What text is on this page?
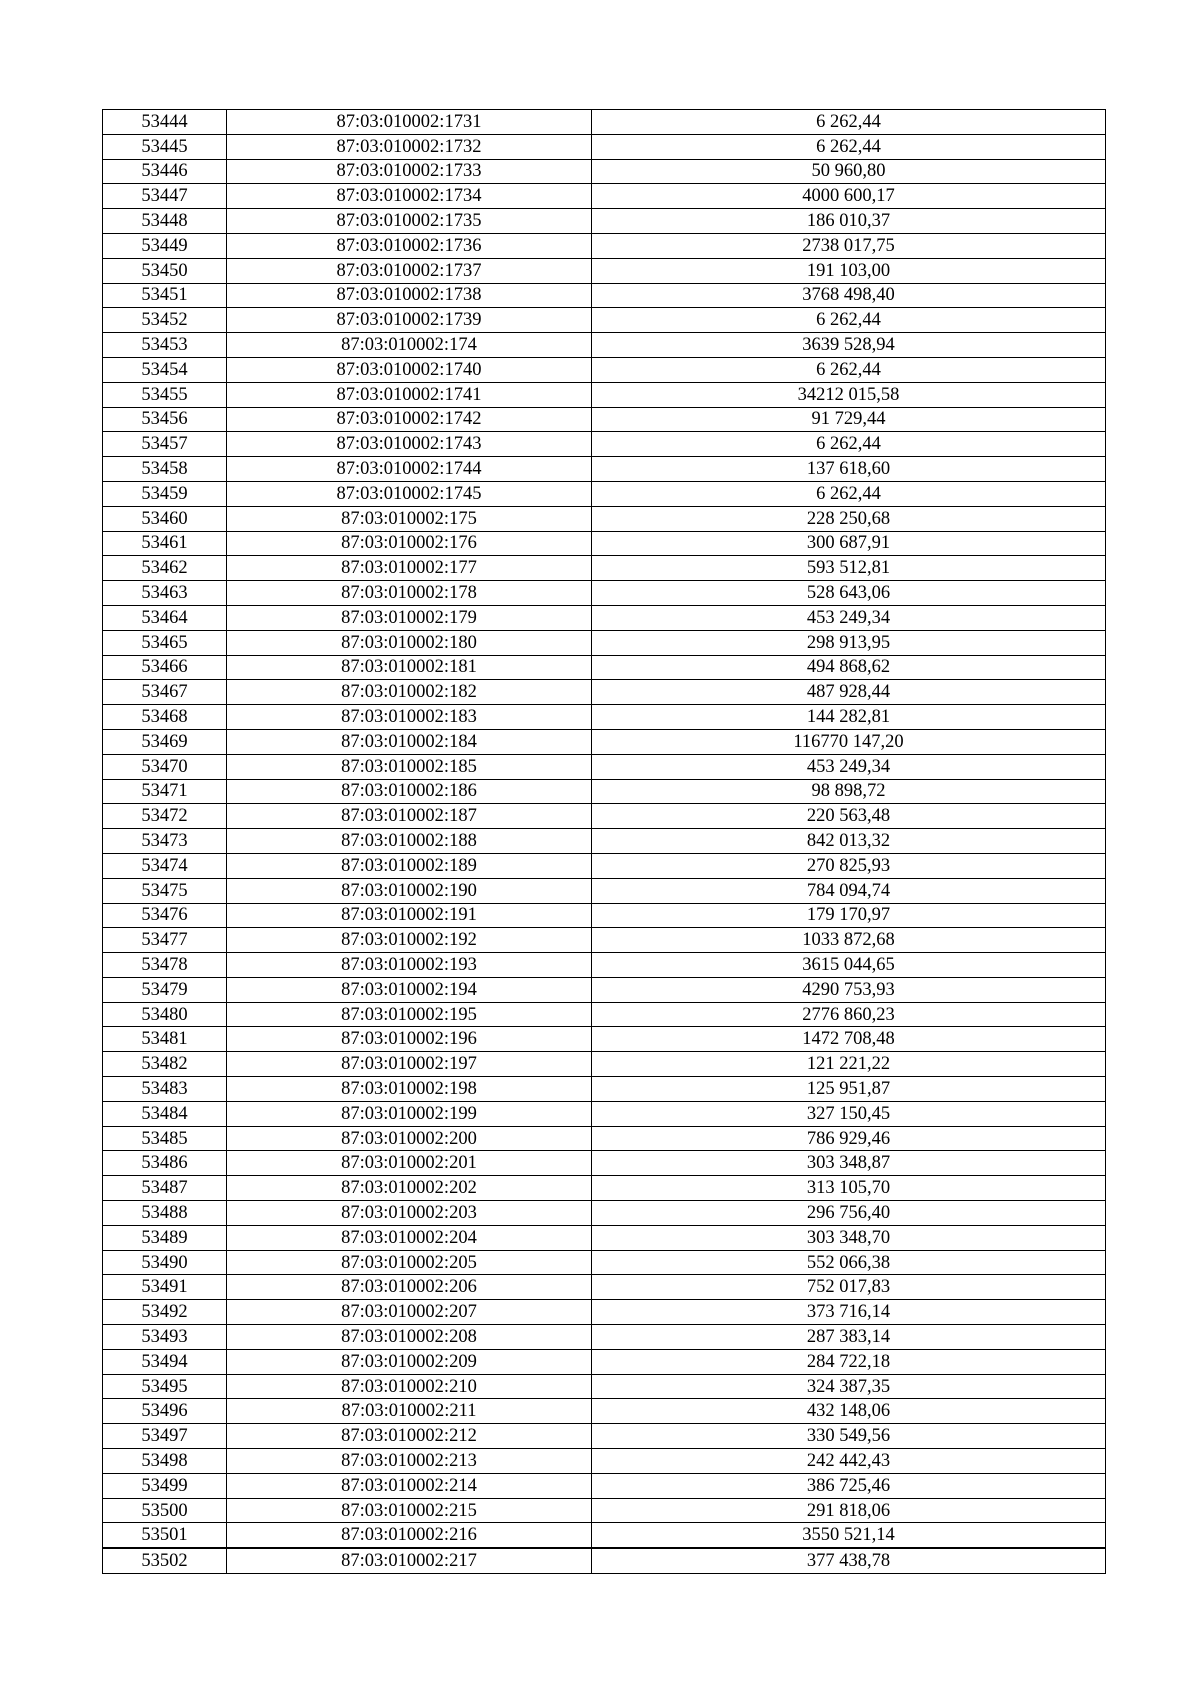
53444	87:03:010002:1731	6 262,44
53445	87:03:010002:1732	6 262,44
53446	87:03:010002:1733	50 960,80
53447	87:03:010002:1734	4000 600,17
53448	87:03:010002:1735	186 010,37
53449	87:03:010002:1736	2738 017,75
53450	87:03:010002:1737	191 103,00
53451	87:03:010002:1738	3768 498,40
53452	87:03:010002:1739	6 262,44
53453	87:03:010002:174	3639 528,94
53454	87:03:010002:1740	6 262,44
53455	87:03:010002:1741	34212 015,58
53456	87:03:010002:1742	91 729,44
53457	87:03:010002:1743	6 262,44
53458	87:03:010002:1744	137 618,60
53459	87:03:010002:1745	6 262,44
53460	87:03:010002:175	228 250,68
53461	87:03:010002:176	300 687,91
53462	87:03:010002:177	593 512,81
53463	87:03:010002:178	528 643,06
53464	87:03:010002:179	453 249,34
53465	87:03:010002:180	298 913,95
53466	87:03:010002:181	494 868,62
53467	87:03:010002:182	487 928,44
53468	87:03:010002:183	144 282,81
53469	87:03:010002:184	116770 147,20
53470	87:03:010002:185	453 249,34
53471	87:03:010002:186	98 898,72
53472	87:03:010002:187	220 563,48
53473	87:03:010002:188	842 013,32
53474	87:03:010002:189	270 825,93
53475	87:03:010002:190	784 094,74
53476	87:03:010002:191	179 170,97
53477	87:03:010002:192	1033 872,68
53478	87:03:010002:193	3615 044,65
53479	87:03:010002:194	4290 753,93
53480	87:03:010002:195	2776 860,23
53481	87:03:010002:196	1472 708,48
53482	87:03:010002:197	121 221,22
53483	87:03:010002:198	125 951,87
53484	87:03:010002:199	327 150,45
53485	87:03:010002:200	786 929,46
53486	87:03:010002:201	303 348,87
53487	87:03:010002:202	313 105,70
53488	87:03:010002:203	296 756,40
53489	87:03:010002:204	303 348,70
53490	87:03:010002:205	552 066,38
53491	87:03:010002:206	752 017,83
53492	87:03:010002:207	373 716,14
53493	87:03:010002:208	287 383,14
53494	87:03:010002:209	284 722,18
53495	87:03:010002:210	324 387,35
53496	87:03:010002:211	432 148,06
53497	87:03:010002:212	330 549,56
53498	87:03:010002:213	242 442,43
53499	87:03:010002:214	386 725,46
53500	87:03:010002:215	291 818,06
53501	87:03:010002:216	3550 521,14
53502	87:03:010002:217	377 438,78
